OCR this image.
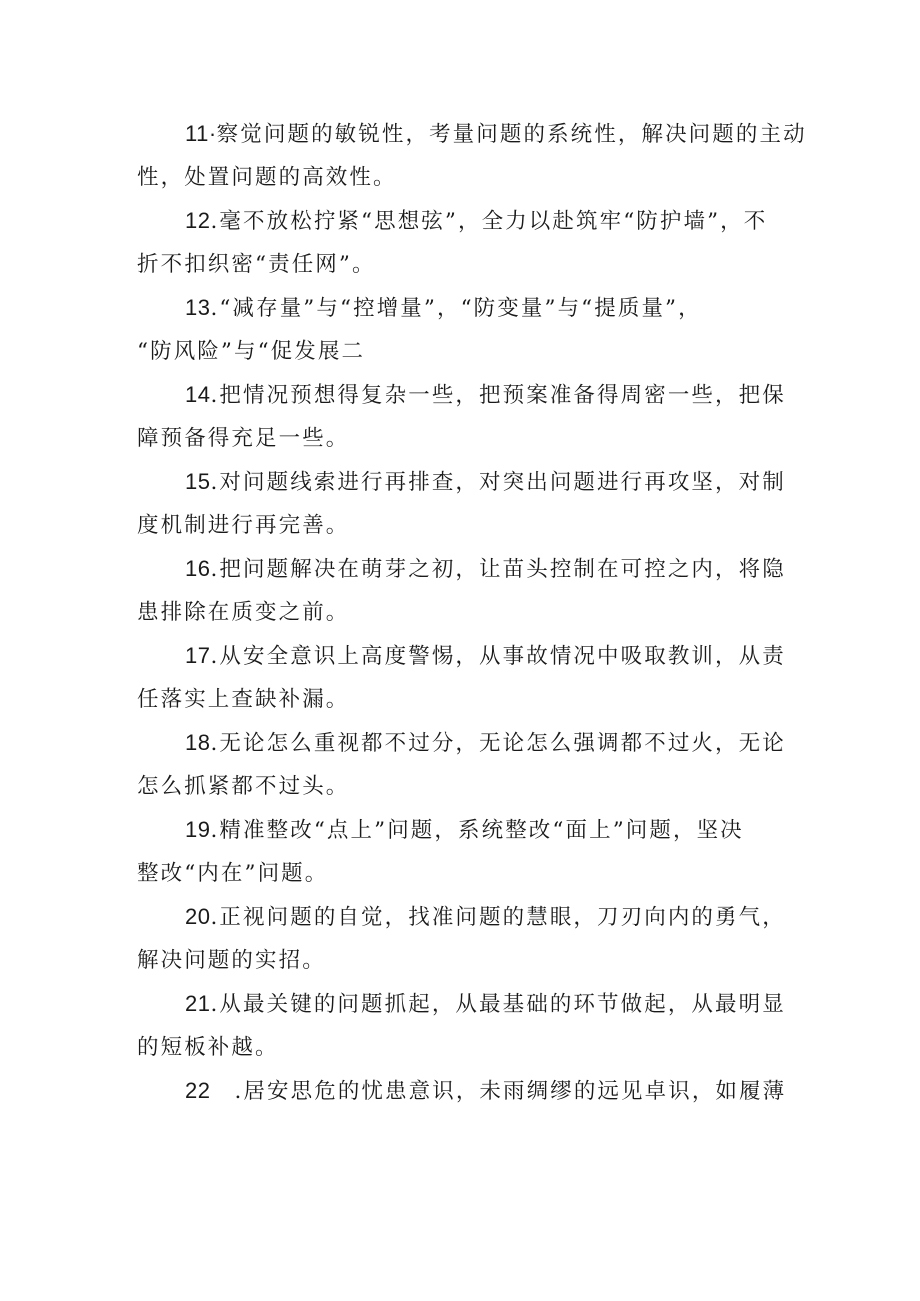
11·察觉问题的敏锐性，考量问题的系统性，解决问题的主动
性，处置问题的高效性。
12.毫不放松拧紧“思想弦”，全力以赴筑牢“防护墙”，不
折不扣织密“责任网”。
13.“减存量”与“控增量”，“防变量”与“提质量”，
“防风险”与“促发展二
14.把情况预想得复杂一些，把预案准备得周密一些，把保
障预备得充足一些。
15.对问题线索进行再排查，对突出问题进行再攻坚，对制
度机制进行再完善。
16.把问题解决在萌芽之初，让苗头控制在可控之内，将隐
患排除在质变之前。
17.从安全意识上高度警惕，从事故情况中吸取教训，从责
任落实上查缺补漏。
18.无论怎么重视都不过分，无论怎么强调都不过火，无论
怎么抓紧都不过头。
19.精准整改“点上”问题，系统整改“面上”问题，坚决
整改“内在”问题。
20.正视问题的自觉，找准问题的慧眼，刀刃向内的勇气，
解决问题的实招。
21.从最关键的问题抓起，从最基础的环节做起，从最明显
的短板补越。
22 .居安思危的忧患意识，未雨绸缪的远见卓识，如履薄
